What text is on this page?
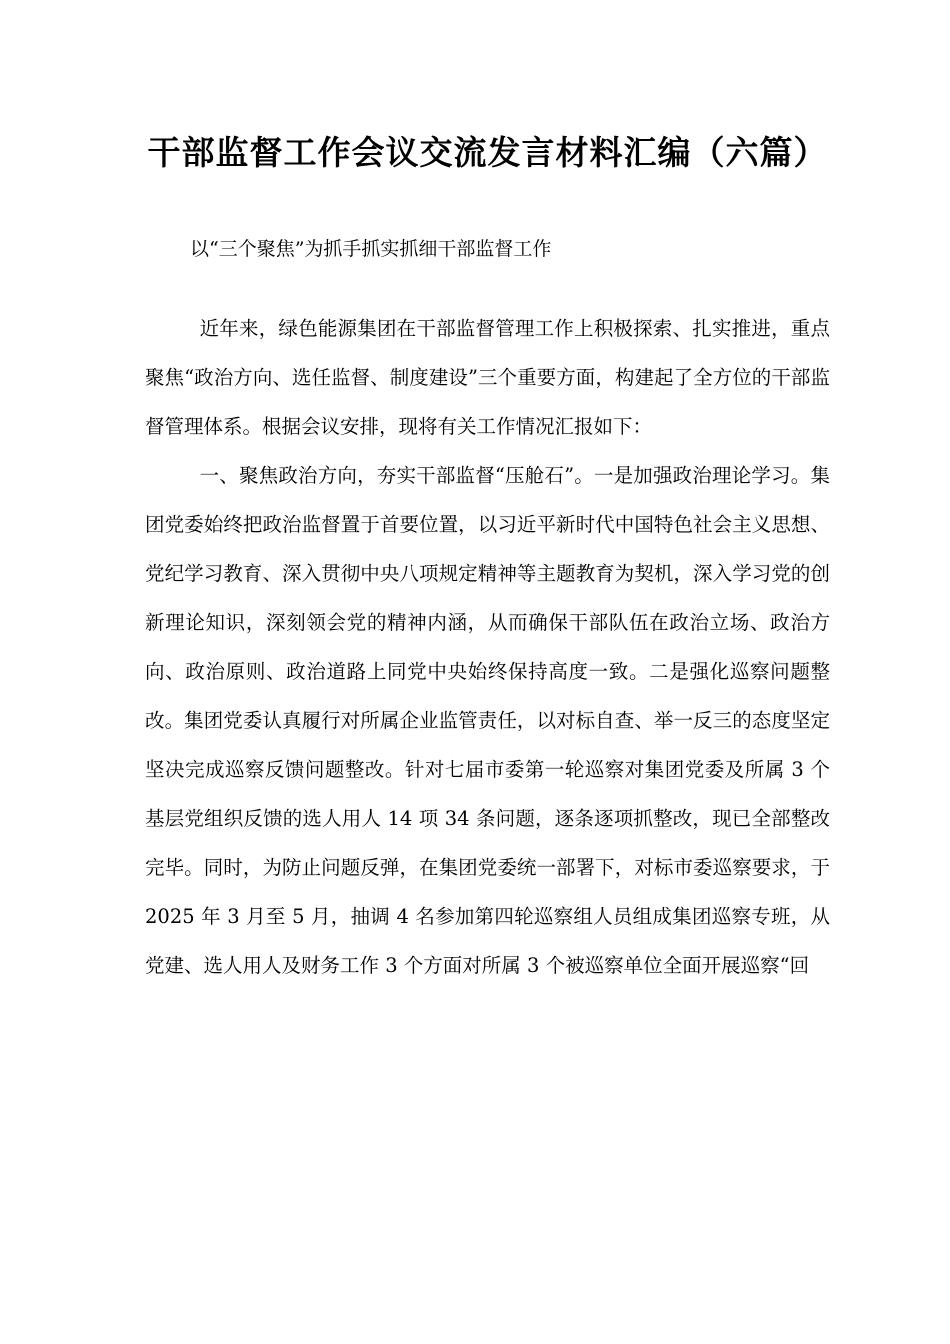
干部监督工作会议交流发言材料汇编（六篇）

以“三个聚焦”为抓手抓实抓细干部监督工作

近年来，绿色能源集团在干部监督管理工作上积极探索、扎实推进，重点聚焦“政治方向、选任监督、制度建设”三个重要方面，构建起了全方位的干部监督管理体系。根据会议安排，现将有关工作情况汇报如下：

一、聚焦政治方向，夯实干部监督“压舱石”。一是加强政治理论学习。集团党委始终把政治监督置于首要位置，以习近平新时代中国特色社会主义思想、党纪学习教育、深入贯彻中央八项规定精神等主题教育为契机，深入学习党的创新理论知识，深刻领会党的精神内涵，从而确保干部队伍在政治立场、政治方向、政治原则、政治道路上同党中央始终保持高度一致。二是强化巡察问题整改。集团党委认真履行对所属企业监管责任，以对标自查、举一反三的态度坚定坚决完成巡察反馈问题整改。针对七届市委第一轮巡察对集团党委及所属 3 个基层党组织反馈的选人用人 14 项 34 条问题，逐条逐项抓整改，现已全部整改完毕。同时，为防止问题反弹，在集团党委统一部署下，对标市委巡察要求，于 2025 年 3 月至 5 月，抽调 4 名参加第四轮巡察组人员组成集团巡察专班，从党建、选人用人及财务工作 3 个方面对所属 3 个被巡察单位全面开展巡察“回
